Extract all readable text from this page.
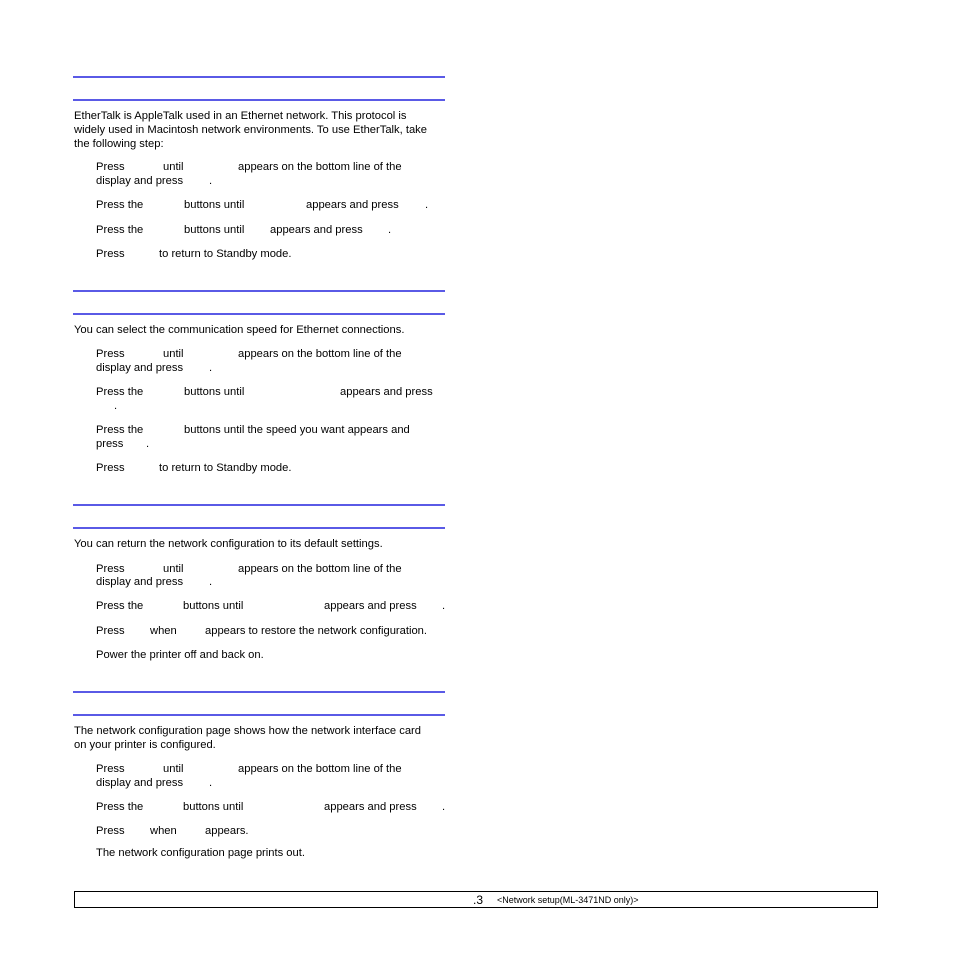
EtherTalk is AppleTalk used in an Ethernet network. This protocol is
widely used in Macintosh network environments. To use EtherTalk, take
the following step:
Press	until	appears on the bottom line of the
display and press .
Press the	buttons until	appears and press .
Press the	buttons until appears and press .
Press	to return to Standby mode.
You can select the communication speed for Ethernet connections.
Press	until	appears on the bottom line of the
display and press .
Press the	buttons until	appears and press
.
Press the	buttons until the speed you want appears and
press .
Press	to return to Standby mode.
You can return the network configuration to its default settings.
Press	until	appears on the bottom line of the
display and press .
Press the	buttons until	appears and press .
Press when	appears to restore the network configuration.
Power the printer off and back on.
The network configuration page shows how the network interface card
on your printer is configured.
Press	until	appears on the bottom line of the
display and press .
Press the	buttons until	appears and press .
Press when	appears.
The network configuration page prints out.
.3 <Network setup(ML-3471ND only)>
